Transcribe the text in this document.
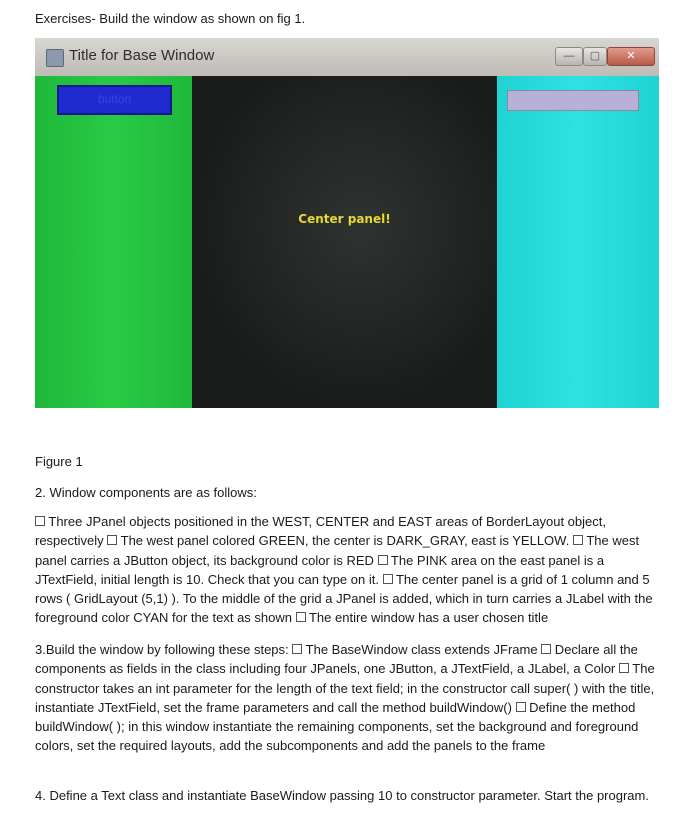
Exercises- Build the window as shown on fig 1.
Title for Base Window	—	▢	✕
button
Center panel!
Figure 1
2. Window components are as follows:

Three JPanel objects positioned in the WEST, CENTER and EAST areas of BorderLayout object, respectively  The west panel colored GREEN, the center is DARK_GRAY, east is YELLOW.  The west panel carries a JButton object, its background color is RED  The PINK area on the east panel is a JTextField, initial length is 10. Check that you can type on it.  The center panel is a grid of 1 column and 5 rows ( GridLayout (5,1) ). To the middle of the grid a JPanel is added, which in turn carries a JLabel with the foreground color CYAN for the text as shown  The entire window has a user chosen title

3.Build the window by following these steps:  The BaseWindow class extends JFrame  Declare all the components as fields in the class including four JPanels, one JButton, a JTextField, a JLabel, a Color  The constructor takes an int parameter for the length of the text field; in the constructor call super( ) with the title, instantiate JTextField, set the frame parameters and call the method buildWindow()  Define the method buildWindow( ); in this window instantiate the remaining components, set the background and foreground colors, set the required layouts, add the subcomponents and add the panels to the frame

4. Define a Text class and instantiate BaseWindow passing 10 to constructor parameter. Start the program.
